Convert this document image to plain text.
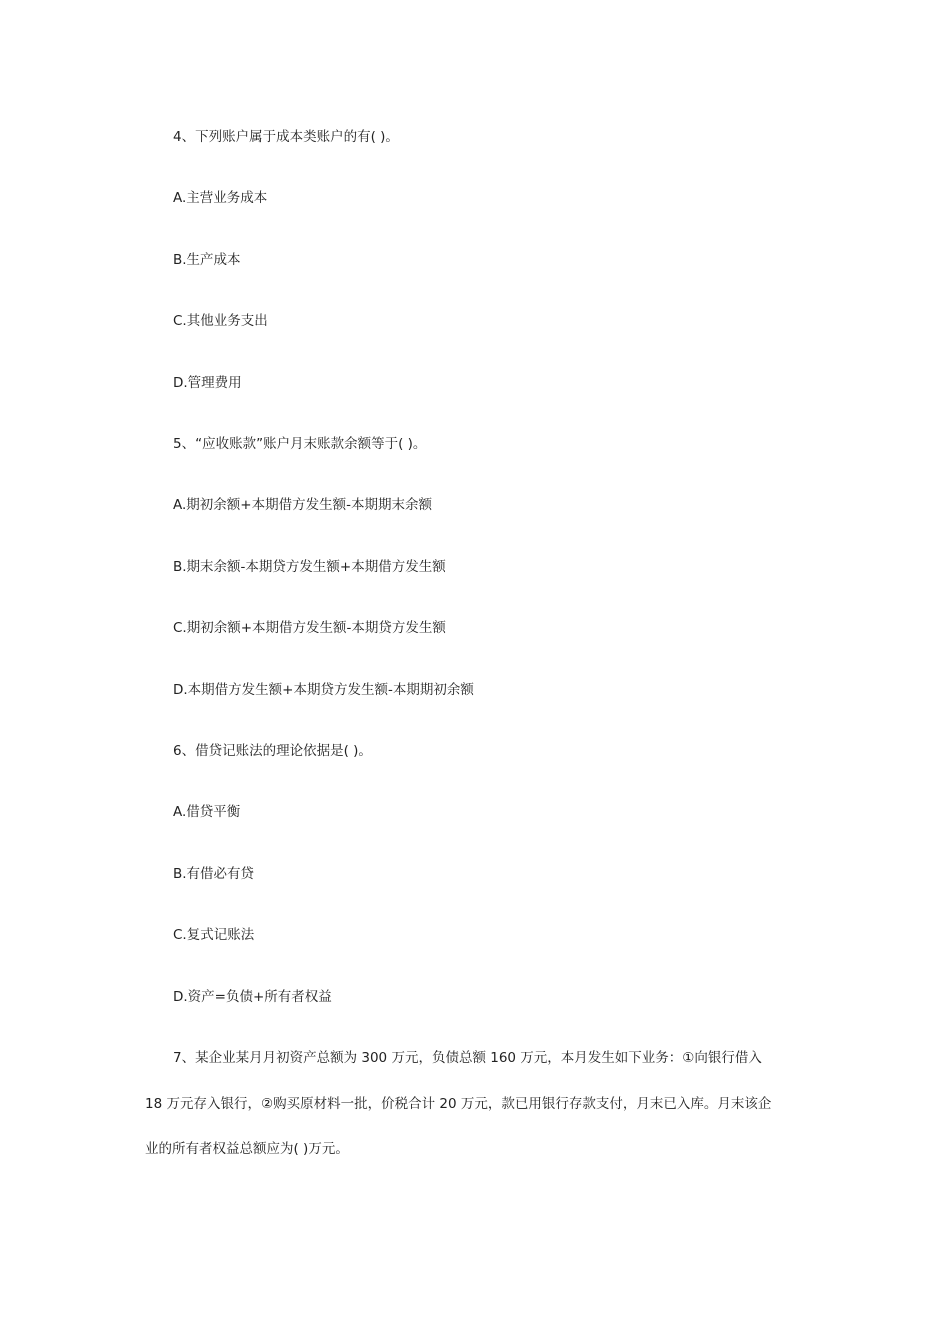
4、下列账户属于成本类账户的有( )。
A.主营业务成本
B.生产成本
C.其他业务支出
D.管理费用
5、“应收账款”账户月末账款余额等于( )。
A.期初余额+本期借方发生额-本期期末余额
B.期末余额-本期贷方发生额+本期借方发生额
C.期初余额+本期借方发生额-本期贷方发生额
D.本期借方发生额+本期贷方发生额-本期期初余额
6、借贷记账法的理论依据是( )。
A.借贷平衡
B.有借必有贷
C.复式记账法
D.资产=负债+所有者权益
7、某企业某月月初资产总额为 300 万元，负债总额 160 万元，本月发生如下业务：①向银行借入
18 万元存入银行，②购买原材料一批，价税合计 20 万元，款已用银行存款支付，月末已入库。月末该企
业的所有者权益总额应为( )万元。
